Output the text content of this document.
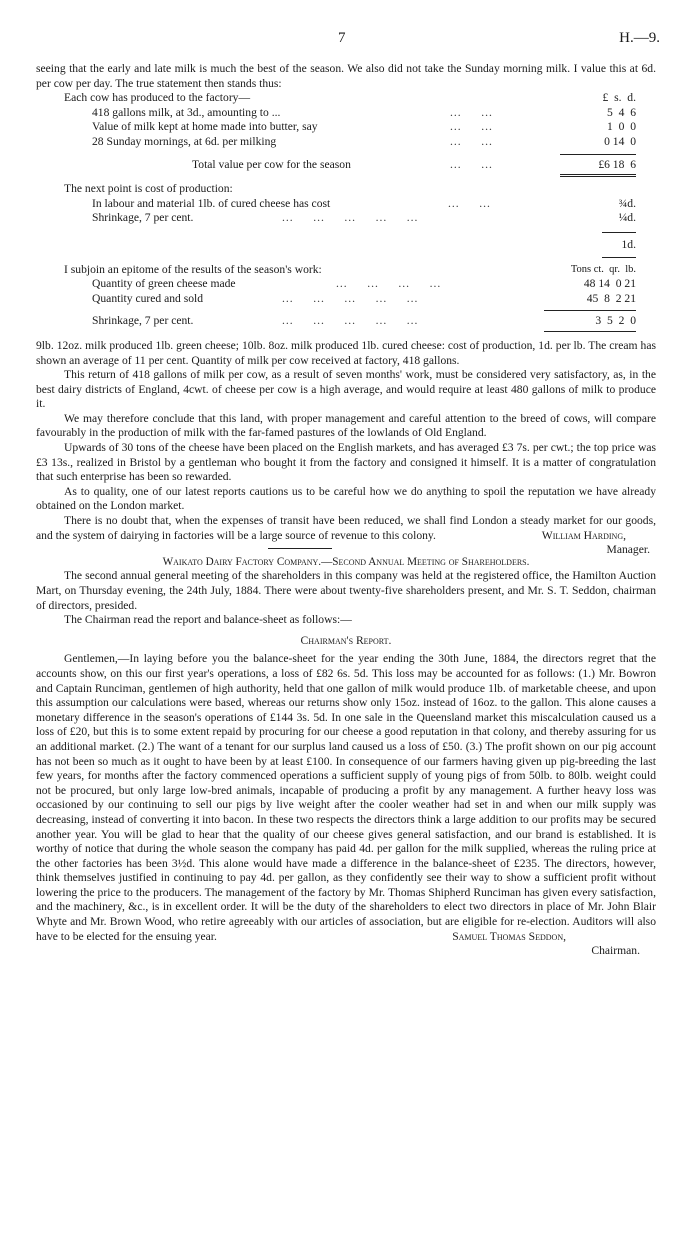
7	H.—9.

seeing that the early and late milk is much the best of the season. We also did not take the Sunday morning milk. I value this at 6d. per cow per day. The true statement then stands thus:

Each cow has produced to the factory—	£  s.  d.
418 gallons milk, at 3d., amounting to ...	...     ...	5  4  6
Value of milk kept at home made into butter, say	...     ...	1  0  0
28 Sunday mornings, at 6d. per milking	...     ...	0 14  0
Total value per cow for the season	...     ...	£6 18  6
The next point is cost of production:
In labour and material 1lb. of cured cheese has cost	...     ...	¾d.
Shrinkage, 7 per cent.	...     ...     ...     ...     ...	¼d.
1d.
I subjoin an epitome of the results of the season's work:	Tons ct.  qr.  lb.
Quantity of green cheese made	...     ...     ...     ...	48 14  0 21
Quantity cured and sold	...     ...     ...     ...     ...	45  8  2 21
Shrinkage, 7 per cent.	...     ...     ...     ...     ...	3  5  2  0

9lb. 12oz. milk produced 1lb. green cheese; 10lb. 8oz. milk produced 1lb. cured cheese: cost of production, 1d. per lb. The cream has shown an average of 11 per cent. Quantity of milk per cow received at factory, 418 gallons.

This return of 418 gallons of milk per cow, as a result of seven months' work, must be considered very satisfactory, as, in the best dairy districts of England, 4cwt. of cheese per cow is a high average, and would require at least 480 gallons of milk to produce it.

We may therefore conclude that this land, with proper management and careful attention to the breed of cows, will compare favourably in the production of milk with the far-famed pastures of the lowlands of Old England.

Upwards of 30 tons of the cheese have been placed on the English markets, and has averaged £3 7s. per cwt.; the top price was £3 13s., realized in Bristol by a gentleman who bought it from the factory and consigned it himself. It is a matter of congratulation that such enterprise has been so rewarded.

As to quality, one of our latest reports cautions us to be careful how we do anything to spoil the reputation we have already obtained on the London market.

There is no doubt that, when the expenses of transit have been reduced, we shall find London a steady market for our goods, and the system of dairying in factories will be a large source of revenue to this colony.	William Harding,
Manager.

Waikato Dairy Factory Company.—Second Annual Meeting of Shareholders.

The second annual general meeting of the shareholders in this company was held at the registered office, the Hamilton Auction Mart, on Thursday evening, the 24th July, 1884. There were about twenty-five shareholders present, and Mr. S. T. Seddon, chairman of directors, presided.

The Chairman read the report and balance-sheet as follows:—

Chairman's Report.

Gentlemen,—In laying before you the balance-sheet for the year ending the 30th June, 1884, the directors regret that the accounts show, on this our first year's operations, a loss of £82 6s. 5d. This loss may be accounted for as follows: (1.) Mr. Bowron and Captain Runciman, gentlemen of high authority, held that one gallon of milk would produce 1lb. of marketable cheese, and upon this assumption our calculations were based, whereas our returns show only 15oz. instead of 16oz. to the gallon. This alone causes a monetary difference in the season's operations of £144 3s. 5d. In one sale in the Queensland market this miscalculation caused us a loss of £20, but this is to some extent repaid by procuring for our cheese a good reputation in that colony, and thereby assuring for us an additional market. (2.) The want of a tenant for our surplus land caused us a loss of £50. (3.) The profit shown on our pig account has not been so much as it ought to have been by at least £100. In consequence of our farmers having given up pig-breeding the last few years, for months after the factory commenced operations a sufficient supply of young pigs of from 50lb. to 80lb. weight could not be procured, but only large low-bred animals, incapable of producing a profit by any management. A further heavy loss was occasioned by our continuing to sell our pigs by live weight after the cooler weather had set in and when our milk supply was decreasing, instead of converting it into bacon. In these two respects the directors think a large addition to our profits may be secured another year. You will be glad to hear that the quality of our cheese gives general satisfaction, and our brand is established. It is worthy of notice that during the whole season the company has paid 4d. per gallon for the milk supplied, whereas the ruling price at the other factories has been 3½d. This alone would have made a difference in the balance-sheet of £235. The directors, however, think themselves justified in continuing to pay 4d. per gallon, as they confidently see their way to show a sufficient profit without lowering the price to the producers. The management of the factory by Mr. Thomas Shipherd Runciman has given every satisfaction, and the machinery, &c., is in excellent order. It will be the duty of the shareholders to elect two directors in place of Mr. John Blair Whyte and Mr. Brown Wood, who retire agreeably with our articles of association, but are eligible for re-election. Auditors will also have to be elected for the ensuing year.	Samuel Thomas Seddon,
Chairman.
